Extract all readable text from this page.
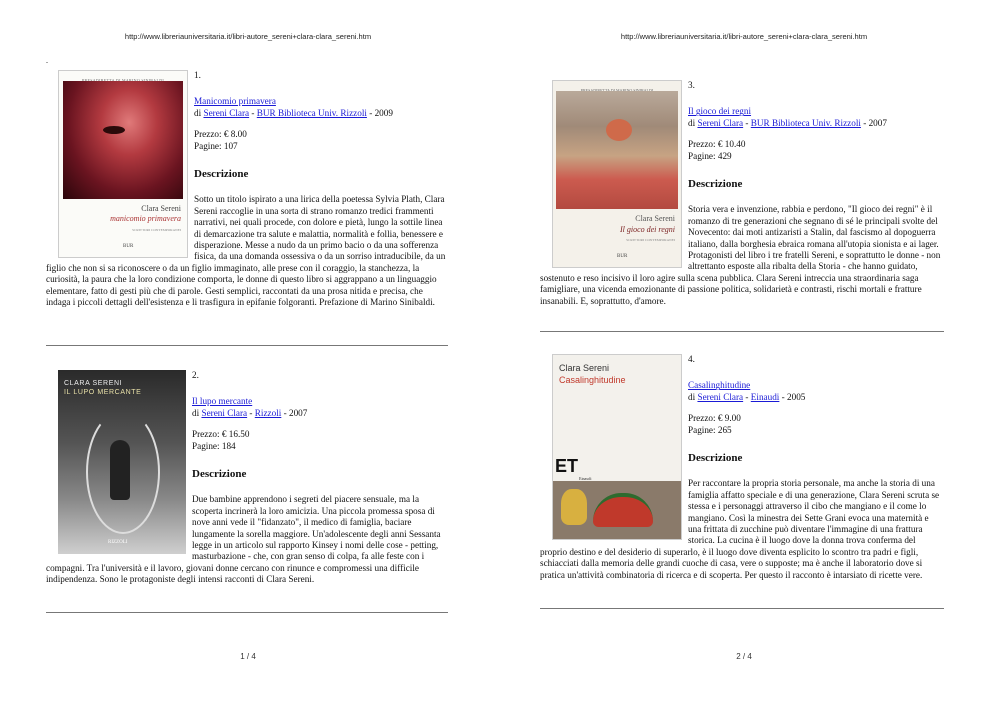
http://www.libreriauniversitaria.it/libri-autore_sereni+clara-clara_sereni.htm
.
Clara Sereni
manicomio primavera
SCRITTORI CONTEMPORANEI
BUR

1.

Manicomio primavera

di Sereni Clara - BUR Biblioteca Univ. Rizzoli - 2009

Prezzo: € 8.00

Pagine: 107

Descrizione

Sotto un titolo ispirato a una lirica della poetessa Sylvia Plath, Clara Sereni raccoglie in una sorta di strano romanzo tredici frammenti narrativi, nei quali procede, con dolore e pietà, lungo la sottile linea di demarcazione tra salute e malattia, normalità e follia, benessere e disperazione. Messe a nudo da un primo bacio o da una sofferenza fisica, da una domanda ossessiva o da un sorriso intraducibile, da un figlio che non si sa riconoscere o da un figlio immaginato, alle prese con il coraggio, la stanchezza, la curiosità, la paura che la loro condizione comporta, le donne di questo libro si aggrappano a un linguaggio elementare, fatto di gesti più che di parole. Gesti semplici, raccontati da una prosa nitida e precisa, che indaga i piccoli dettagli dell'esistenza e li trasfigura in epifanie folgoranti. Prefazione di Marino Sinibaldi.

CLARA SERENI
IL LUPO MERCANTE
RIZZOLI

2.

Il lupo mercante

di Sereni Clara - Rizzoli - 2007

Prezzo: € 16.50

Pagine: 184

Descrizione

Due bambine apprendono i segreti del piacere sensuale, ma la scoperta incrinerà la loro amicizia. Una piccola promessa sposa di nove anni vede il "fidanzato", il medico di famiglia, baciare lungamente la sorella maggiore. Un'adolescente degli anni Sessanta legge in un articolo sul rapporto Kinsey i nomi delle cose - petting, masturbazione - che, con gran senso di colpa, fa alle feste con i compagni. Tra l'università e il lavoro, giovani donne cercano con rinunce e compromessi una difficile indipendenza. Sono le protagoniste degli intensi racconti di Clara Sereni.

1 / 4
http://www.libreriauniversitaria.it/libri-autore_sereni+clara-clara_sereni.htm
Clara Sereni
Il gioco dei regni
SCRITTORI CONTEMPORANEI
BUR

3.

Il gioco dei regni

di Sereni Clara - BUR Biblioteca Univ. Rizzoli - 2007

Prezzo: € 10.40

Pagine: 429

Descrizione

Storia vera e invenzione, rabbia e perdono, "Il gioco dei regni" è il romanzo di tre generazioni che segnano di sé le principali svolte del Novecento: dai moti antizaristi a Stalin, dal fascismo al dopoguerra italiano, dalla borghesia ebraica romana all'utopia sionista e ai lager. Protagonisti del libro i tre fratelli Sereni, e soprattutto le donne - non altrettanto esposte alla ribalta della Storia - che hanno guidato, sostenuto e reso incisivo il loro agire sulla scena pubblica. Clara Sereni intreccia una straordinaria saga famigliare, una vicenda emozionante di passione politica, solidarietà e contrasti, rischi mortali e fratture insanabili. E, soprattutto, d'amore.

Clara Sereni
Casalinghitudine
ET
Einaudi

4.

Casalinghitudine

di Sereni Clara - Einaudi - 2005

Prezzo: € 9.00

Pagine: 265

Descrizione

Per raccontare la propria storia personale, ma anche la storia di una famiglia affatto speciale e di una generazione, Clara Sereni scruta se stessa e i personaggi attraverso il cibo che mangiano e il come lo mangiano. Così la minestra dei Sette Grani evoca una maternità e una frittata di zucchine può diventare l'immagine di una frattura storica. La cucina è il luogo dove la donna trova conferma del proprio destino e del desiderio di superarlo, è il luogo dove diventa esplicito lo scontro tra padri e figli, schiacciati dalla memoria delle grandi cuoche di casa, vere o supposte; ma è anche il laboratorio dove si pratica un'attività combinatoria di ricerca e di scoperta. Per questo il racconto è intarsiato di ricette vere.

2 / 4
